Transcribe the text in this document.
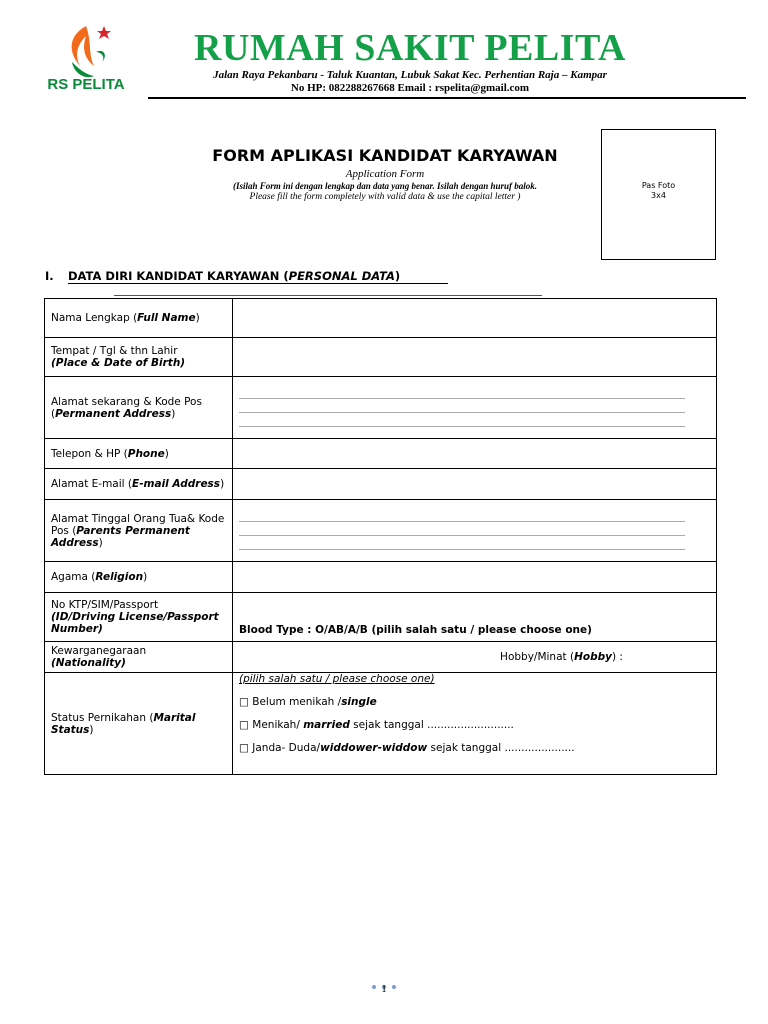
RS PELITA
RUMAH SAKIT PELITA
Jalan Raya Pekanbaru - Taluk Kuantan, Lubuk Sakat Kec. Perhentian Raja – Kampar
No HP: 082288267668 Email : rspelita@gmail.com
FORM APLIKASI KANDIDAT KARYAWAN
Application Form
(Isilah Form ini dengan lengkap dan data yang benar. Isilah dengan huruf balok.
Please fill the form completely with valid data & use the capital letter )
Pas Foto
3x4
I. DATA DIRI KANDIDAT KARYAWAN (PERSONAL DATA)
Nama Lengkap (Full Name)	

Tempat / Tgl & thn Lahir
(Place & Date of Birth)	
Alamat sekarang & Kode Pos (Permanent Address)	

Telepon & HP (Phone)	
Alamat E-mail (E-mail Address)	
Alamat Tinggal Orang Tua& Kode Pos (Parents Permanent Address)	

Agama (Religion)	

No KTP/SIM/Passport
(ID/Driving License/Passport Number)	Blood Type : O/AB/A/B (pilih salah satu / please choose one)

Kewarganegaraan
(Nationality)	Hobby/Minat (Hobby) :
Status Pernikahan (Marital Status)	(pilih salah satu / please choose one)
□ Belum menikah /single
□ Menikah/ married sejak tanggal ..........................
□ Janda- Duda/widdower-widdow sejak tanggal .....................
1
